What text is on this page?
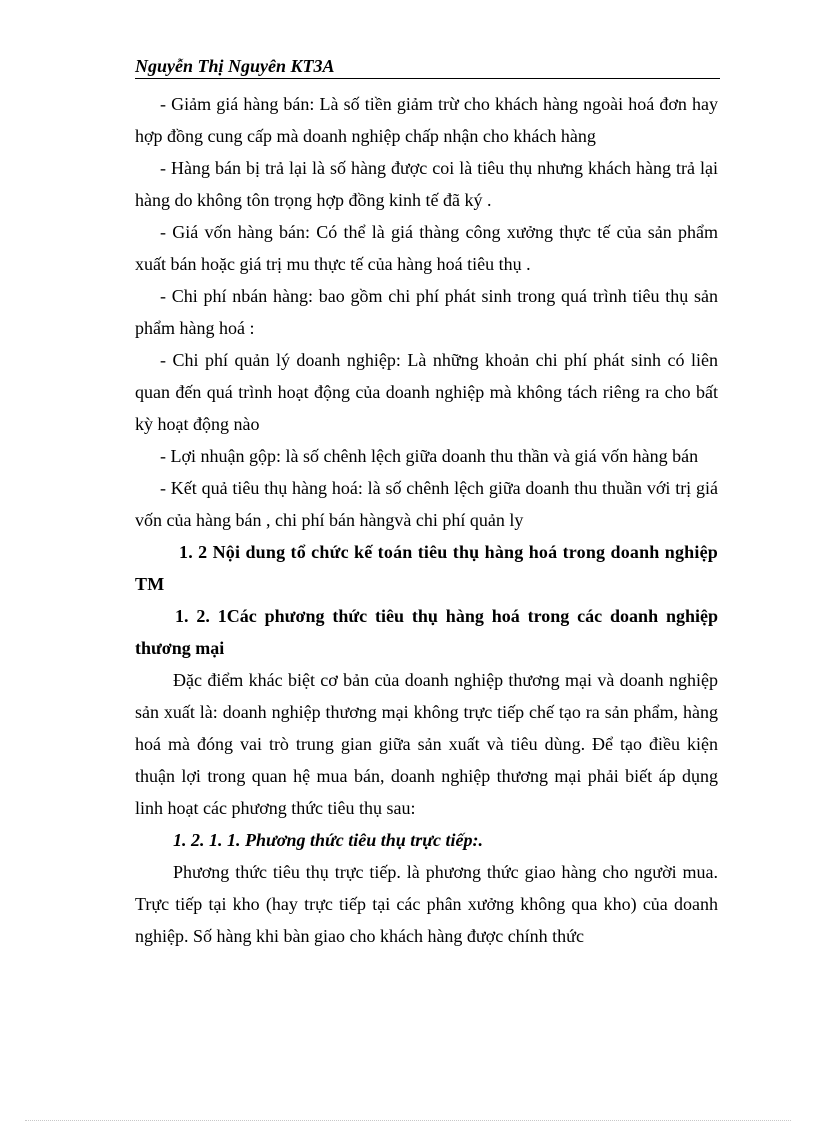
Nguyễn Thị Nguyên KT3A

- Giảm giá hàng bán: Là số tiền giảm trừ cho khách hàng ngoài hoá đơn hay hợp đồng cung cấp mà doanh nghiệp chấp nhận cho khách hàng

- Hàng bán bị trả lại là số hàng được coi là tiêu thụ nhưng khách hàng trả lại hàng do không tôn trọng hợp đồng kinh tế đã ký .

- Giá vốn hàng bán: Có thể là giá thàng công xưởng thực tế của sản phẩm xuất bán hoặc giá trị mu thực tế của hàng hoá tiêu thụ .

- Chi phí nbán hàng: bao gồm chi phí phát sinh trong quá trình tiêu thụ sản phẩm hàng hoá :

- Chi phí quản lý doanh nghiệp: Là những khoản chi phí phát sinh có liên quan đến quá trình hoạt động của doanh nghiệp mà không tách riêng ra cho bất kỳ hoạt động nào

- Lợi nhuận gộp: là số chênh lệch giữa doanh thu thần và giá vốn hàng bán

- Kết quả tiêu thụ hàng hoá: là số chênh lệch giữa doanh thu thuần với trị giá vốn của hàng bán , chi phí bán hàngvà chi phí quản ly

1. 2 Nội dung tổ chức kế toán tiêu thụ hàng hoá trong doanh nghiệp TM

1. 2. 1Các phương thức tiêu thụ hàng hoá trong các doanh nghiệp thương mại

Đặc điểm khác biệt cơ bản của doanh nghiệp thương mại và doanh nghiệp sản xuất là: doanh nghiệp thương mại không trực tiếp chế tạo ra sản phẩm, hàng hoá mà đóng vai trò trung gian giữa sản xuất và tiêu dùng. Để tạo điều kiện thuận lợi trong quan hệ mua bán, doanh nghiệp thương mại phải biết áp dụng linh hoạt các phương thức tiêu thụ sau:

1. 2. 1. 1. Phương thức tiêu thụ trực tiếp:.

Phương thức tiêu thụ trực tiếp. là phương thức giao hàng cho người mua. Trực tiếp tại kho (hay trực tiếp tại các phân xưởng không qua kho) của doanh nghiệp. Số hàng khi bàn giao cho khách hàng được chính thức
